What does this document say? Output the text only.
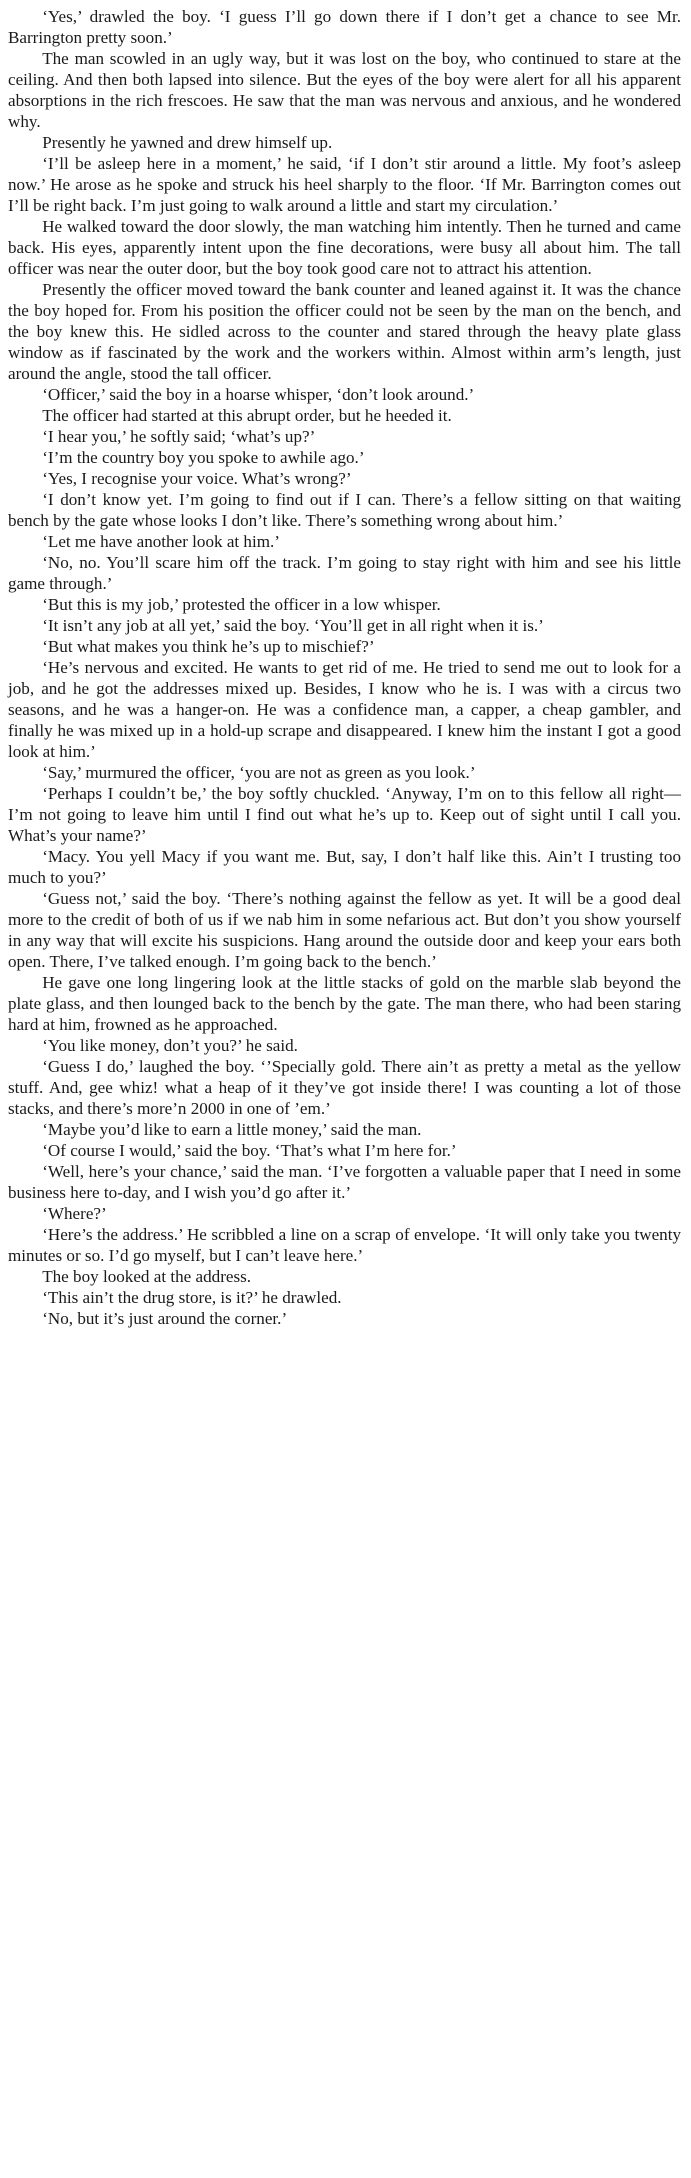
‘Yes,’ drawled the boy. ‘I guess I’ll go down there if I don’t get a chance to see Mr. Barrington pretty soon.’

The man scowled in an ugly way, but it was lost on the boy, who continued to stare at the ceiling. And then both lapsed into silence. But the eyes of the boy were alert for all his apparent absorptions in the rich frescoes. He saw that the man was nervous and anxious, and he wondered why.

Presently he yawned and drew himself up.

‘I’ll be asleep here in a moment,’ he said, ‘if I don’t stir around a little. My foot’s asleep now.’ He arose as he spoke and struck his heel sharply to the floor. ‘If Mr. Barrington comes out I’ll be right back. I’m just going to walk around a little and start my circulation.’

He walked toward the door slowly, the man watching him intently. Then he turned and came back. His eyes, apparently intent upon the fine decorations, were busy all about him. The tall officer was near the outer door, but the boy took good care not to attract his attention.

Presently the officer moved toward the bank counter and leaned against it. It was the chance the boy hoped for. From his position the officer could not be seen by the man on the bench, and the boy knew this. He sidled across to the counter and stared through the heavy plate glass window as if fascinated by the work and the workers within. Almost within arm’s length, just around the angle, stood the tall officer.

‘Officer,’ said the boy in a hoarse whisper, ‘don’t look around.’

The officer had started at this abrupt order, but he heeded it.

‘I hear you,’ he softly said; ‘what’s up?’

‘I’m the country boy you spoke to awhile ago.’

‘Yes, I recognise your voice. What’s wrong?’

‘I don’t know yet. I’m going to find out if I can. There’s a fellow sitting on that waiting bench by the gate whose looks I don’t like. There’s something wrong about him.’

‘Let me have another look at him.’

‘No, no. You’ll scare him off the track. I’m going to stay right with him and see his little game through.’

‘But this is my job,’ protested the officer in a low whisper.

‘It isn’t any job at all yet,’ said the boy. ‘You’ll get in all right when it is.’

‘But what makes you think he’s up to mischief?’

‘He’s nervous and excited. He wants to get rid of me. He tried to send me out to look for a job, and he got the addresses mixed up. Besides, I know who he is. I was with a circus two seasons, and he was a hanger-on. He was a confidence man, a capper, a cheap gambler, and finally he was mixed up in a hold-up scrape and disappeared. I knew him the instant I got a good look at him.’

‘Say,’ murmured the officer, ‘you are not as green as you look.’

‘Perhaps I couldn’t be,’ the boy softly chuckled. ‘Anyway, I’m on to this fellow all right—I’m not going to leave him until I find out what he’s up to. Keep out of sight until I call you. What’s your name?’

‘Macy. You yell Macy if you want me. But, say, I don’t half like this. Ain’t I trusting too much to you?’

‘Guess not,’ said the boy. ‘There’s nothing against the fellow as yet. It will be a good deal more to the credit of both of us if we nab him in some nefarious act. But don’t you show yourself in any way that will excite his suspicions. Hang around the outside door and keep your ears both open. There, I’ve talked enough. I’m going back to the bench.’

He gave one long lingering look at the little stacks of gold on the marble slab beyond the plate glass, and then lounged back to the bench by the gate. The man there, who had been staring hard at him, frowned as he approached.

‘You like money, don’t you?’ he said.

‘Guess I do,’ laughed the boy. ‘’Specially gold. There ain’t as pretty a metal as the yellow stuff. And, gee whiz! what a heap of it they’ve got inside there! I was counting a lot of those stacks, and there’s more’n 2000 in one of ’em.’

‘Maybe you’d like to earn a little money,’ said the man.

‘Of course I would,’ said the boy. ‘That’s what I’m here for.’

‘Well, here’s your chance,’ said the man. ‘I’ve forgotten a valuable paper that I need in some business here to-day, and I wish you’d go after it.’

‘Where?’

‘Here’s the address.’ He scribbled a line on a scrap of envelope. ‘It will only take you twenty minutes or so. I’d go myself, but I can’t leave here.’

The boy looked at the address.

‘This ain’t the drug store, is it?’ he drawled.

‘No, but it’s just around the corner.’
